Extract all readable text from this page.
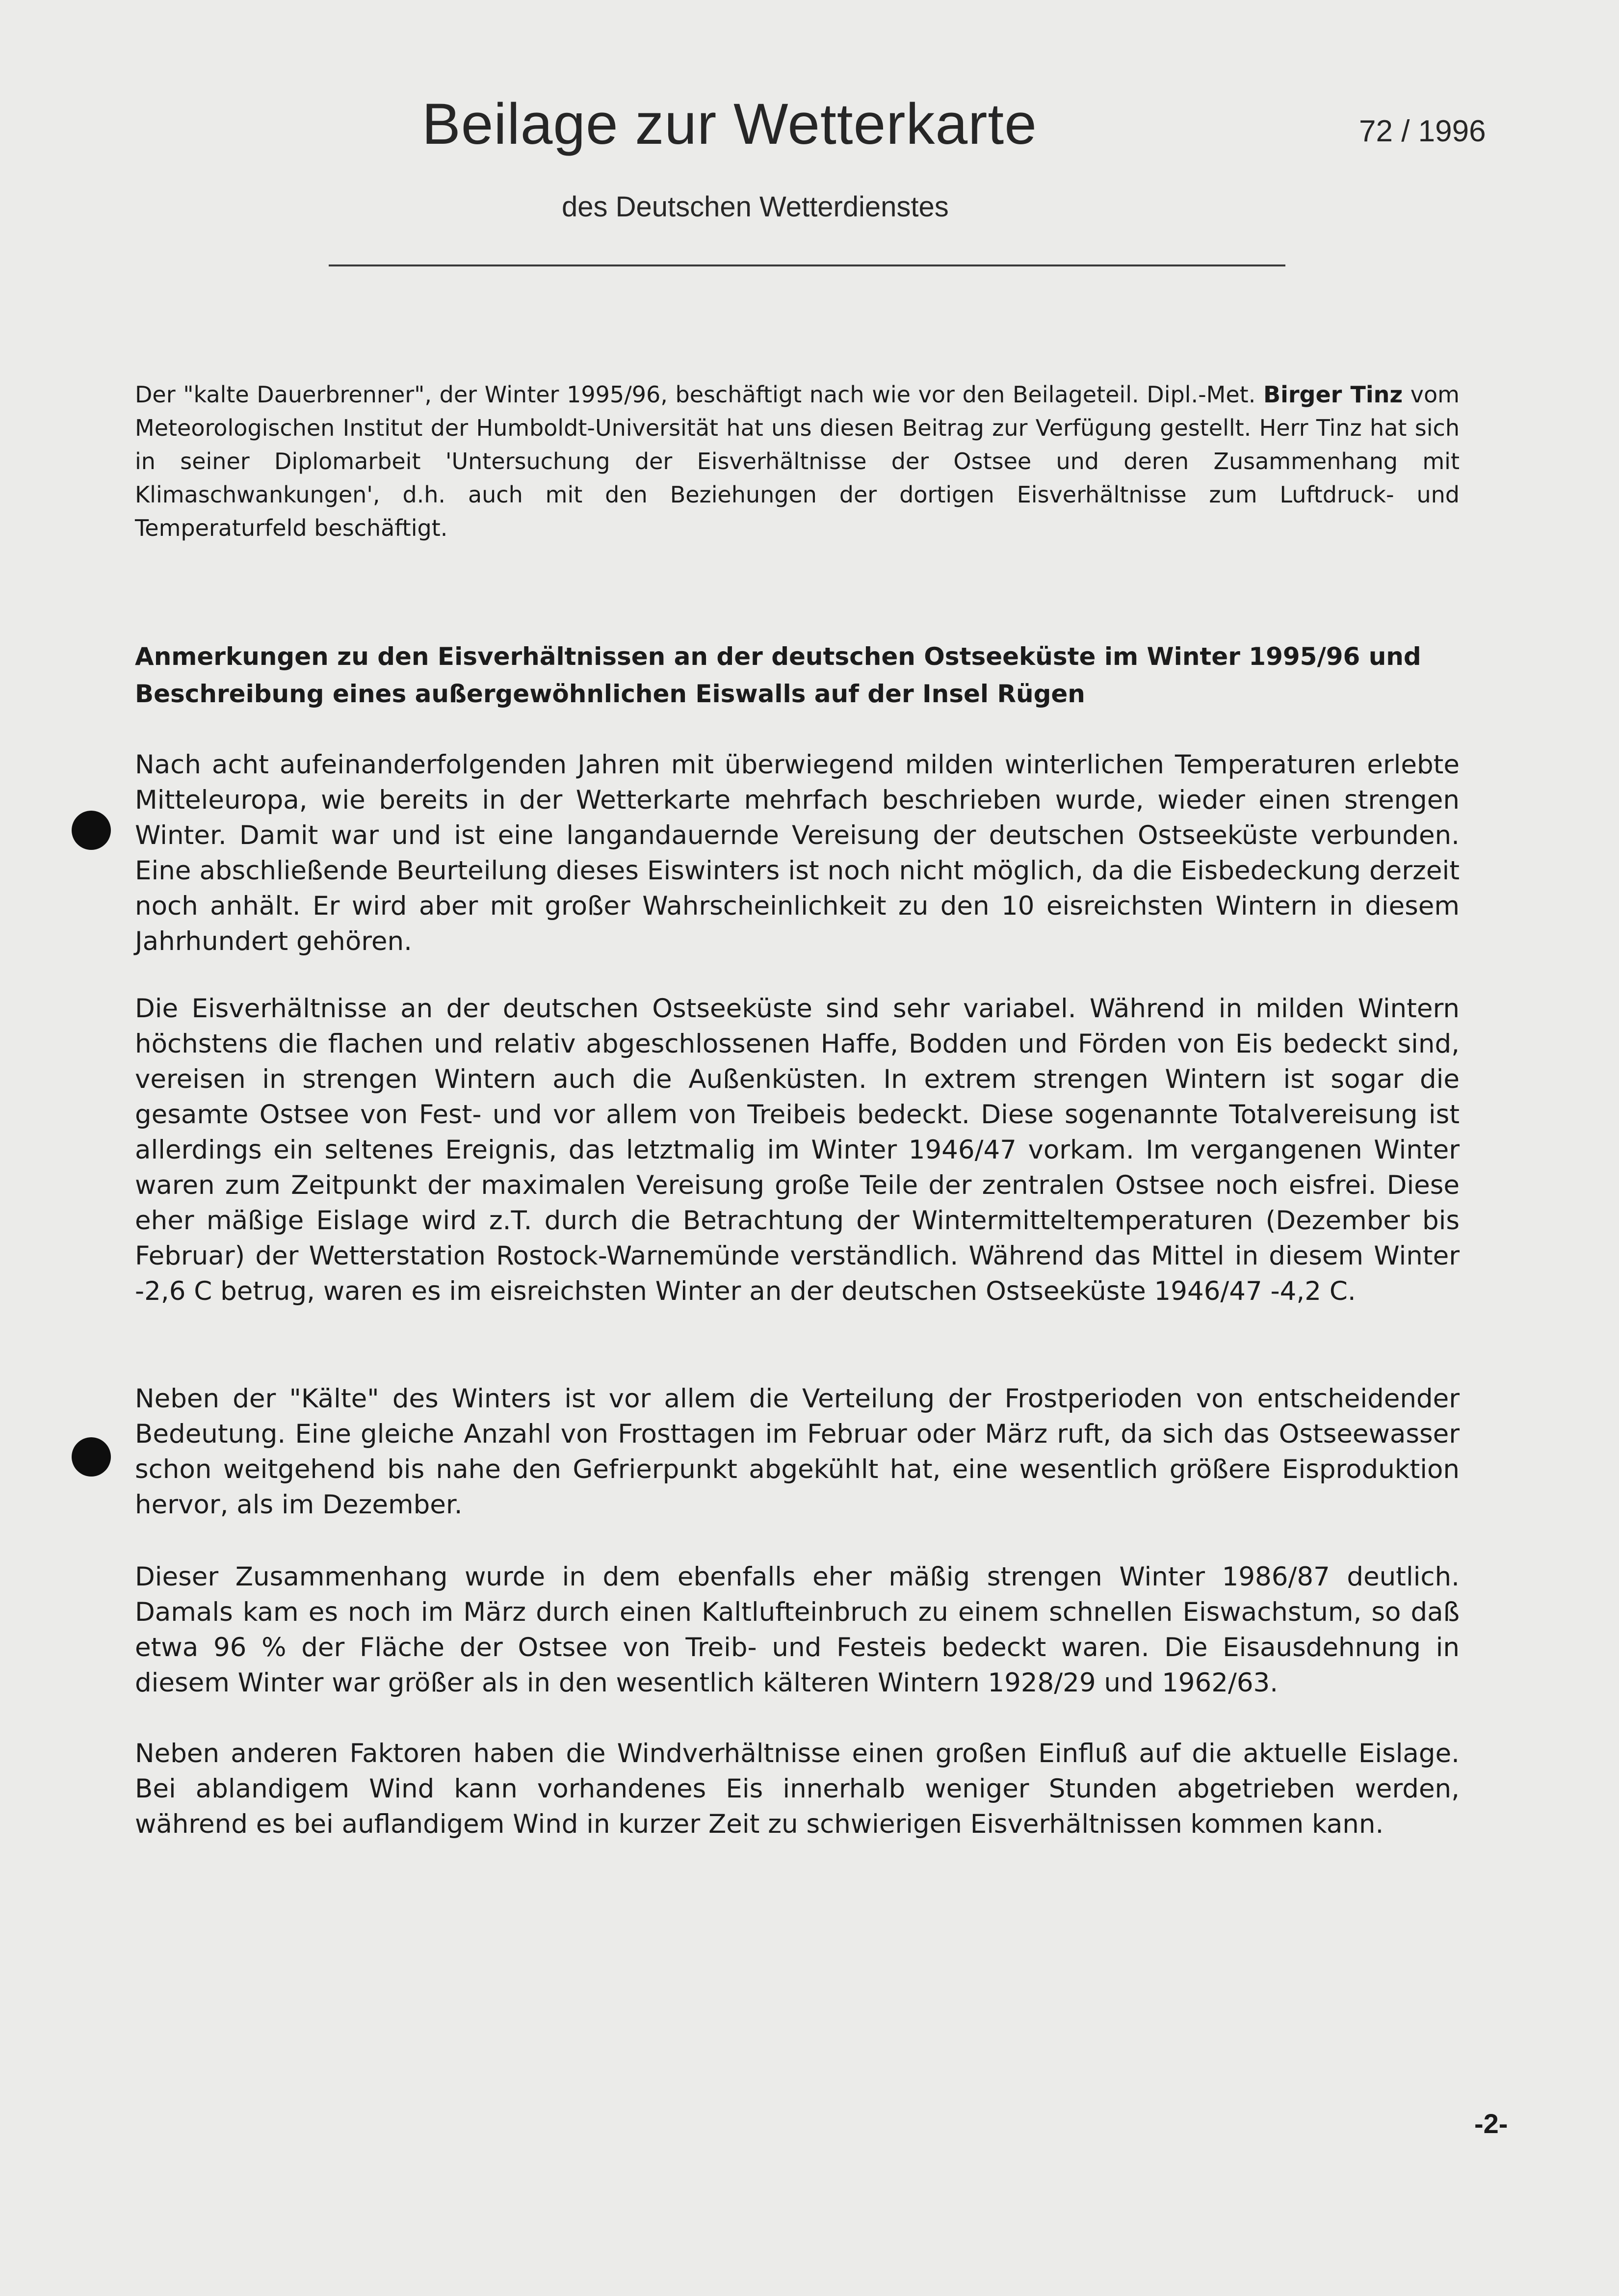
Beilage zur Wetterkarte	72 / 1996
des Deutschen Wetterdienstes
Der "kalte Dauerbrenner", der Winter 1995/96, beschäftigt nach wie vor den Beilageteil. Dipl.-Met. Birger Tinz vom Meteorologischen Institut der Humboldt-Universität hat uns diesen Beitrag zur Verfügung gestellt. Herr Tinz hat sich in seiner Diplomarbeit 'Untersuchung der Eisverhältnisse der Ostsee und deren Zusammenhang mit Klimaschwankungen', d.h. auch mit den Beziehungen der dortigen Eisverhältnisse zum Luftdruck- und Temperaturfeld beschäftigt.
Anmerkungen zu den Eisverhältnissen an der deutschen Ostseeküste im Winter 1995/96 und Beschreibung eines außergewöhnlichen Eiswalls auf der Insel Rügen
Nach acht aufeinanderfolgenden Jahren mit überwiegend milden winterlichen Temperaturen erlebte Mitteleuropa, wie bereits in der Wetterkarte mehrfach beschrieben wurde, wieder einen strengen Winter. Damit war und ist eine langandauernde Vereisung der deutschen Ostseeküste verbunden. Eine abschließende Beurteilung dieses Eiswinters ist noch nicht möglich, da die Eisbedeckung derzeit noch anhält. Er wird aber mit großer Wahrscheinlichkeit zu den 10 eisreichsten Wintern in diesem Jahrhundert gehören.
Die Eisverhältnisse an der deutschen Ostseeküste sind sehr variabel. Während in milden Wintern höchstens die flachen und relativ abgeschlossenen Haffe, Bodden und Förden von Eis bedeckt sind, vereisen in strengen Wintern auch die Außenküsten. In extrem strengen Wintern ist sogar die gesamte Ostsee von Fest- und vor allem von Treibeis bedeckt. Diese sogenannte Totalvereisung ist allerdings ein seltenes Ereignis, das letztmalig im Winter 1946/47 vorkam. Im vergangenen Winter waren zum Zeitpunkt der maximalen Vereisung große Teile der zentralen Ostsee noch eisfrei. Diese eher mäßige Eislage wird z.T. durch die Betrachtung der Wintermitteltemperaturen (Dezember bis Februar) der Wetterstation Rostock-Warnemünde verständlich. Während das Mittel in diesem Winter -2,6 C betrug, waren es im eisreichsten Winter an der deutschen Ostseeküste 1946/47 -4,2 C.
Neben der "Kälte" des Winters ist vor allem die Verteilung der Frostperioden von entscheidender Bedeutung. Eine gleiche Anzahl von Frosttagen im Februar oder März ruft, da sich das Ostseewasser schon weitgehend bis nahe den Gefrierpunkt abgekühlt hat, eine wesentlich größere Eisproduktion hervor, als im Dezember.
Dieser Zusammenhang wurde in dem ebenfalls eher mäßig strengen Winter 1986/87 deutlich. Damals kam es noch im März durch einen Kaltlufteinbruch zu einem schnellen Eiswachstum, so daß etwa 96 % der Fläche der Ostsee von Treib- und Festeis bedeckt waren. Die Eisausdehnung in diesem Winter war größer als in den wesentlich kälteren Wintern 1928/29 und 1962/63.
Neben anderen Faktoren haben die Windverhältnisse einen großen Einfluß auf die aktuelle Eislage. Bei ablandigem Wind kann vorhandenes Eis innerhalb weniger Stunden abgetrieben werden, während es bei auflandigem Wind in kurzer Zeit zu schwierigen Eisverhältnissen kommen kann.
-2-
